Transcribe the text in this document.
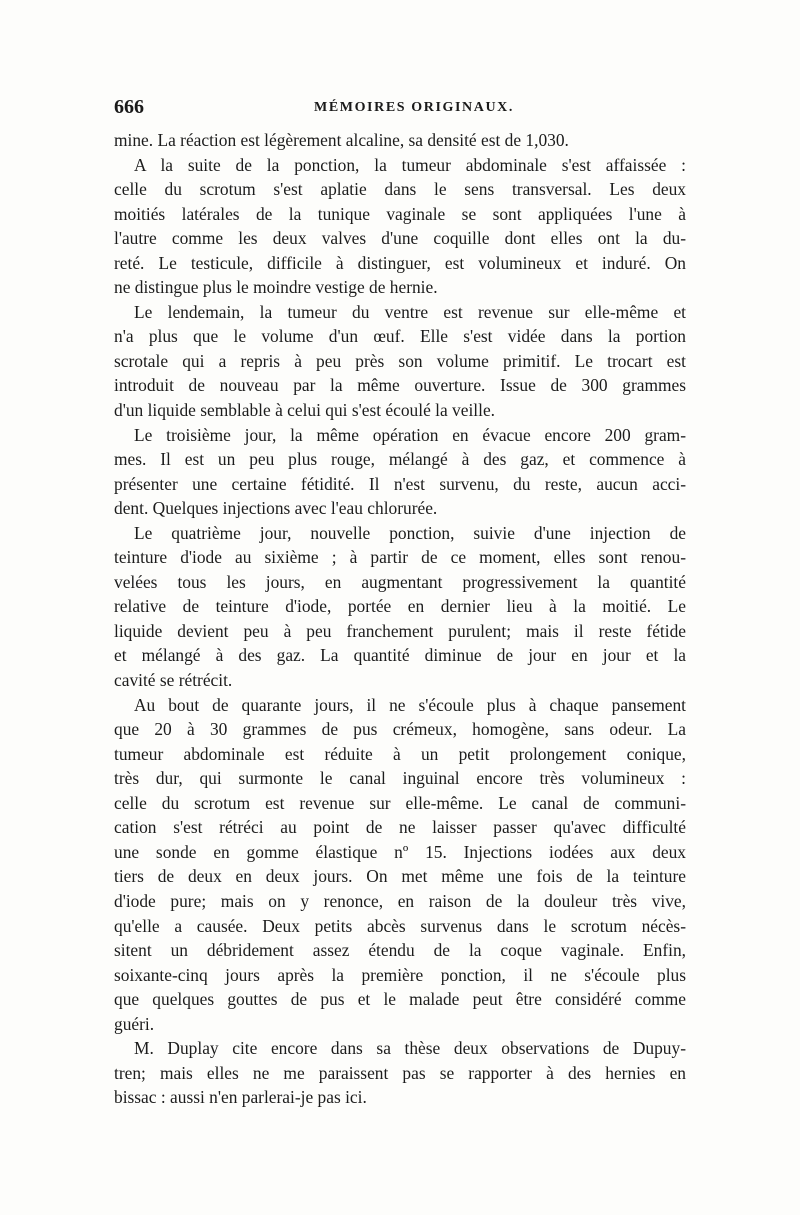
666	MÉMOIRES ORIGINAUX.
mine. La réaction est légèrement alcaline, sa densité est de 1,030.
A la suite de la ponction, la tumeur abdominale s'est affaissée :
celle du scrotum s'est aplatie dans le sens transversal. Les deux
moitiés latérales de la tunique vaginale se sont appliquées l'une à
l'autre comme les deux valves d'une coquille dont elles ont la du-
reté. Le testicule, difficile à distinguer, est volumineux et induré. On
ne distingue plus le moindre vestige de hernie.
Le lendemain, la tumeur du ventre est revenue sur elle-même et
n'a plus que le volume d'un œuf. Elle s'est vidée dans la portion
scrotale qui a repris à peu près son volume primitif. Le trocart est
introduit de nouveau par la même ouverture. Issue de 300 grammes
d'un liquide semblable à celui qui s'est écoulé la veille.
Le troisième jour, la même opération en évacue encore 200 gram-
mes. Il est un peu plus rouge, mélangé à des gaz, et commence à
présenter une certaine fétidité. Il n'est survenu, du reste, aucun acci-
dent. Quelques injections avec l'eau chlorurée.
Le quatrième jour, nouvelle ponction, suivie d'une injection de
teinture d'iode au sixième ; à partir de ce moment, elles sont renou-
velées tous les jours, en augmentant progressivement la quantité
relative de teinture d'iode, portée en dernier lieu à la moitié. Le
liquide devient peu à peu franchement purulent; mais il reste fétide
et mélangé à des gaz. La quantité diminue de jour en jour et la
cavité se rétrécit.
Au bout de quarante jours, il ne s'écoule plus à chaque pansement
que 20 à 30 grammes de pus crémeux, homogène, sans odeur. La
tumeur abdominale est réduite à un petit prolongement conique,
très dur, qui surmonte le canal inguinal encore très volumineux :
celle du scrotum est revenue sur elle-même. Le canal de communi-
cation s'est rétréci au point de ne laisser passer qu'avec difficulté
une sonde en gomme élastique nº 15. Injections iodées aux deux
tiers de deux en deux jours. On met même une fois de la teinture
d'iode pure; mais on y renonce, en raison de la douleur très vive,
qu'elle a causée. Deux petits abcès survenus dans le scrotum nécès-
sitent un débridement assez étendu de la coque vaginale. Enfin,
soixante-cinq jours après la première ponction, il ne s'écoule plus
que quelques gouttes de pus et le malade peut être considéré comme
guéri.
M. Duplay cite encore dans sa thèse deux observations de Dupuy-
tren; mais elles ne me paraissent pas se rapporter à des hernies en
bissac : aussi n'en parlerai-je pas ici.
